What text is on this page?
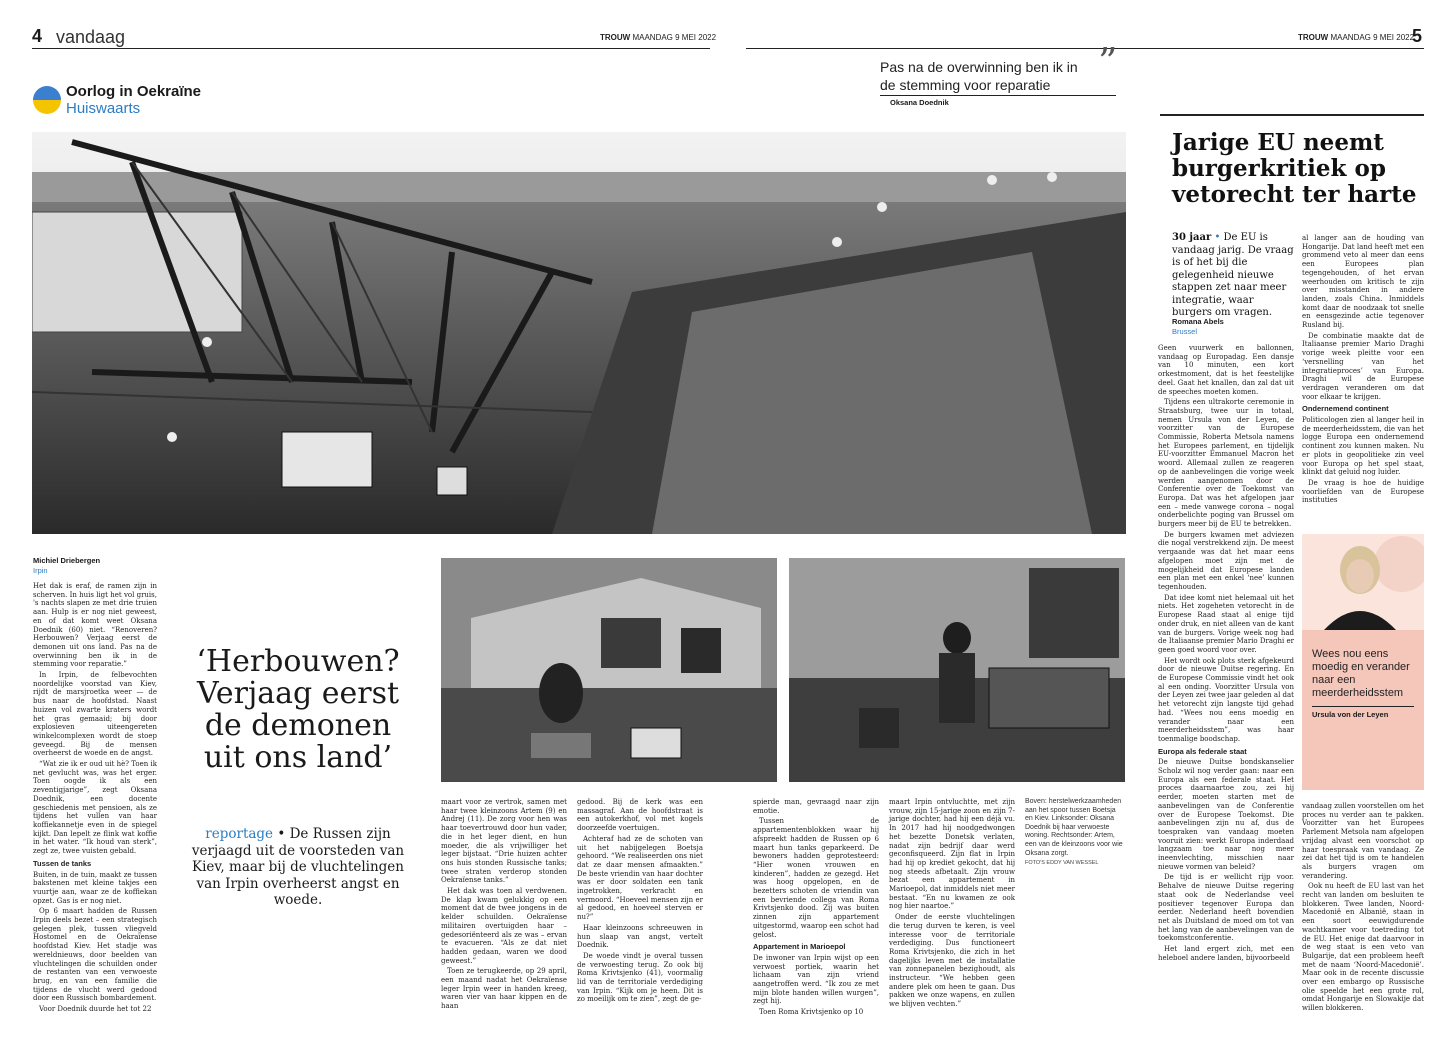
4 vandaag	TROUW MAANDAG 9 MEI 2022	TROUW MAANDAG 9 MEI 2022
5
Oorlog in Oekraïne
Huiswaarts
Pas na de overwinning ben ik in de stemming voor reparatie
”
Oksana Doednik
Michiel Driebergen
Irpin

Het dak is eraf, de ramen zijn in scherven. In huis ligt het vol gruis, 's nachts slapen ze met drie truien aan. Hulp is er nog niet geweest, en of dat komt weet Oksana Doednik (60) niet. “Renoveren? Herbouwen? Verjaag eerst de demonen uit ons land. Pas na de overwinning ben ik in de stemming voor reparatie.”

In Irpin, de felbevochten noordelijke voorstad van Kiev, rijdt de marsjroetka weer — de bus naar de hoofdstad. Naast huizen vol zwarte kraters wordt het gras gemaaid; bij door explosieven uiteengereten winkelcomplexen wordt de stoep geveegd. Bij de mensen overheerst de woede en de angst.

“Wat zie ik er oud uit hè? Toen ik net gevlucht was, was het erger. Toen oogde ik als een zeventigjarige”, zegt Oksana Doednik, een docente geschiedenis met pensioen, als ze tijdens het vullen van haar koffiekannetje even in de spiegel kijkt. Dan lepelt ze flink wat koffie in het water. “Ik houd van sterk”, zegt ze, twee vuisten gebald.

Tussen de tanks

Buiten, in de tuin, maakt ze tussen bakstenen met kleine takjes een vuurtje aan, waar ze de koffiekan opzet. Gas is er nog niet.

Op 6 maart hadden de Russen Irpin deels bezet – een strategisch gelegen plek, tussen vliegveld Hostomel en de Oekraïense hoofdstad Kiev. Het stadje was wereldnieuws, door beelden van vluchtelingen die schuilden onder de restanten van een verwoeste brug, en van een familie die tijdens de vlucht werd gedood door een Russisch bombardement.

Voor Doednik duurde het tot 22

‘Herbouwen? Verjaag eerst de demonen uit ons land’
reportage • De Russen zijn verjaagd uit de voorsteden van Kiev, maar bij de vluchtelingen van Irpin overheerst angst en woede.

maart voor ze vertrok, samen met haar twee kleinzoons Artem (9) en Andrej (11). De zorg voor hen was haar toevertrouwd door hun vader, die in het leger dient, en hun moeder, die als vrijwilliger het leger bijstaat. “Drie huizen achter ons huis stonden Russische tanks; twee straten verderop stonden Oekraïense tanks.”

Het dak was toen al verdwenen. De klap kwam gelukkig op een moment dat de twee jongens in de kelder schuilden. Oekraïense militairen overtuigden haar – gedesoriënteerd als ze was – ervan te evacueren. “Als ze dat niet hadden gedaan, waren we dood geweest.”

Toen ze terugkeerde, op 29 april, een maand nadat het Oekraïense leger Irpin weer in handen kreeg, waren vier van haar kippen en de haan

gedood. Bij de kerk was een massagraf. Aan de hoofdstraat is een autokerkhof, vol met kogels doorzeefde voertuigen.

Achteraf had ze de schoten van uit het nabijgelegen Boetsja gehoord. “We realiseerden ons niet dat ze daar mensen afmaakten.” De beste vriendin van haar dochter was er door soldaten een tank ingetrokken, verkracht en vermoord. “Hoeveel mensen zijn er al gedood, en hoeveel sterven er nu?”

Haar kleinzoons schreeuwen in hun slaap van angst, vertelt Doednik.

De woede vindt je overal tussen de verwoesting terug. Zo ook bij Roma Krivtsjenko (41), voormalig lid van de territoriale verdediging van Irpin. “Kijk om je heen. Dit is zo moeilijk om te zien”, zegt de ge-

spierde man, gevraagd naar zijn emotie.

Tussen de appartementenblokken waar hij afspreekt hadden de Russen op 6 maart hun tanks geparkeerd. De bewoners hadden geprotesteerd: “Hier wonen vrouwen en kinderen”, hadden ze gezegd. Het was hoog opgelopen, en de bezetters schoten de vriendin van een bevriende collega van Roma Krivtsjenko dood. Zij was buiten zinnen zijn appartement uitgestormd, waarop een schot had gelost.

Appartement in Marioepol

De inwoner van Irpin wijst op een verwoest portiek, waarin het lichaam van zijn vriend aangetroffen werd. “Ik zou ze met mijn blote handen willen wurgen”, zegt hij.

Toen Roma Krivtsjenko op 10

maart Irpin ontvluchtte, met zijn vrouw, zijn 15-jarige zoon en zijn 7-jarige dochter, had hij een déjà vu. In 2017 had hij noodgedwongen het bezette Donetsk verlaten, nadat zijn bedrijf daar werd geconfisqueerd. Zijn flat in Irpin had hij op krediet gekocht, dat hij nog steeds afbetaalt. Zijn vrouw bezat een appartement in Marioepol, dat inmiddels niet meer bestaat. “En nu kwamen ze ook nog hier naartoe.”

Onder de eerste vluchtelingen die terug durven te keren, is veel interesse voor de territoriale verdediging. Dus functioneert Roma Krivtsjenko, die zich in het dagelijks leven met de installatie van zonnepanelen bezighoudt, als instructeur. “We hebben geen andere plek om heen te gaan. Dus pakken we onze wapens, en zullen we blijven vechten.”

Boven: herstelwerkzaamheden aan het spoor tussen Boetsja en Kiev. Linksonder: Oksana Doednik bij haar verwoeste woning. Rechtsonder: Artem, een van de kleinzoons voor wie Oksana zorgt.
FOTO'S EDDY VAN WESSEL
Jarige EU neemt burgerkritiek op vetorecht ter harte
30 jaar • De EU is vandaag jarig. De vraag is of het bij die gelegenheid nieuwe stappen zet naar meer integratie, waar burgers om vragen.
Romana Abels
Brussel

Geen vuurwerk en ballonnen, vandaag op Europadag. Een dansje van 10 minuten, een kort orkestmoment, dat is het feestelijke deel. Gaat het knallen, dan zal dat uit de speeches moeten komen.

Tijdens een ultrakorte ceremonie in Straatsburg, twee uur in totaal, nemen Ursula von der Leyen, de voorzitter van de Europese Commissie, Roberta Metsola namens het Europees parlement, en tijdelijk EU-voorzitter Emmanuel Macron het woord. Allemaal zullen ze reageren op de aanbevelingen die vorige week werden aangenomen door de Conferentie over de Toekomst van Europa. Dat was het afgelopen jaar een – mede vanwege corona – nogal onderbelichte poging van Brussel om burgers meer bij de EU te betrekken.

De burgers kwamen met adviezen die nogal verstrekkend zijn. De meest vergaande was dat het maar eens afgelopen moet zijn met de mogelijkheid dat Europese landen een plan met een enkel ‘nee’ kunnen tegenhouden.

Dat idee komt niet helemaal uit het niets. Het zogeheten vetorecht in de Europese Raad staat al enige tijd onder druk, en niet alleen van de kant van de burgers. Vorige week nog had de Italiaanse premier Mario Draghi er geen goed woord voor over.

Het wordt ook plots sterk afgekeurd door de nieuwe Duitse regering. En de Europese Commissie vindt het ook al een onding. Voorzitter Ursula von der Leyen zei twee jaar geleden al dat het vetorecht zijn langste tijd gehad had. “Wees nou eens moedig en verander naar een meerderheidsstem”, was haar toenmalige boodschap.

Europa als federale staat

De nieuwe Duitse bondskanselier Scholz wil nog verder gaan: naar een Europa als een federale staat. Het proces daarnaartoe zou, zei hij eerder, moeten starten met de aanbevelingen van de Conferentie over de Europese Toekomst. Die aanbevelingen zijn nu af, dus de toespraken van vandaag moeten vooruit zien: werkt Europa inderdaad langzaam toe naar nog meer ineenvlechting, misschien naar nieuwe vormen van beleid?

De tijd is er wellicht rijp voor. Behalve de nieuwe Duitse regering staat ook de Nederlandse veel positiever tegenover Europa dan eerder. Nederland heeft bovendien net als Duitsland de moed om tot van het lang van de aanbevelingen van de toekomstconferentie.

Het land ergert zich, met een heleboel andere landen, bijvoorbeeld

al langer aan de houding van Hongarije. Dat land heeft met een grommend veto al meer dan eens een Europees plan tegengehouden, of het ervan weerhouden om kritisch te zijn over misstanden in andere landen, zoals China. Inmiddels komt daar de noodzaak tot snelle en eensgezinde actie tegenover Rusland bij.

De combinatie maakte dat de Italiaanse premier Mario Draghi vorige week pleitte voor een ‘versnelling van het integratieproces’ van Europa. Draghi wil de Europese verdragen veranderen om dat voor elkaar te krijgen.

Ondernemend continent

Politicologen zien al langer heil in de meerderheidsstem, die van het logge Europa een ondernemend continent zou kunnen maken. Nu er plots in geopolitieke zin veel voor Europa op het spel staat, klinkt dat geluid nog luider.

De vraag is hoe de huidige voorliefden van de Europese instituties

Wees nou eens moedig en verander naar een meerderheidsstem
Ursula von der Leyen

vandaag zullen voorstellen om het proces nu verder aan te pakken. Voorzitter van het Europees Parlement Metsola nam afgelopen vrijdag alvast een voorschot op haar toespraak van vandaag. Ze zei dat het tijd is om te handelen als burgers vragen om verandering.

Ook nu heeft de EU last van het recht van landen om besluiten te blokkeren. Twee landen, Noord-Macedonië en Albanië, staan in een soort eeuwigdurende wachtkamer voor toetreding tot de EU. Het enige dat daarvoor in de weg staat is een veto van Bulgarije, dat een probleem heeft met de naam ‘Noord-Macedonië’. Maar ook in de recente discussie over een embargo op Russische olie speelde het een grote rol, omdat Hongarije en Slowakije dat willen blokkeren.
